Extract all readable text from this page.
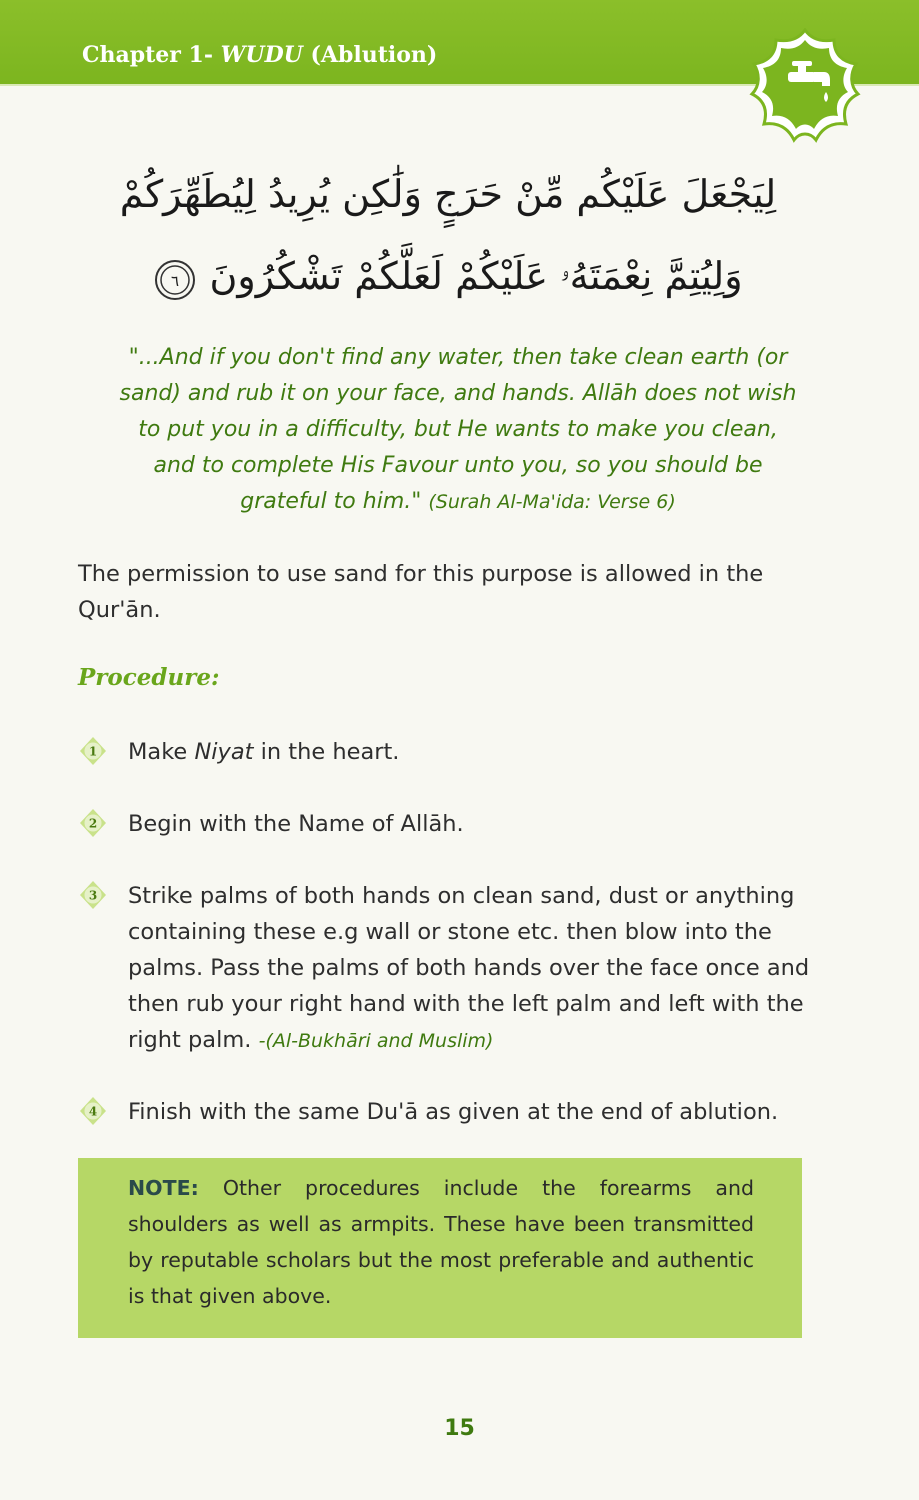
Chapter 1- WUDU (Ablution)
لِيَجْعَلَ عَلَيْكُم مِّنْ حَرَجٍ وَلَٰكِن يُرِيدُ لِيُطَهِّرَكُمْ
وَلِيُتِمَّ نِعْمَتَهُۥ عَلَيْكُمْ لَعَلَّكُمْ تَشْكُرُونَ
٦
"...And if you don't find any water, then take clean earth (or sand) and rub it on your face, and hands. Allāh does not wish to put you in a difficulty, but He wants to make you clean, and to complete His Favour unto you, so you should be grateful to him." (Surah Al-Ma'ida: Verse 6)
The permission to use sand for this purpose is allowed in the Qur'ān.
Procedure:
1 Make Niyat in the heart.
2 Begin with the Name of Allāh.
3 Strike palms of both hands on clean sand, dust or anything containing these e.g wall or stone etc. then blow into the palms. Pass the palms of both hands over the face once and then rub your right hand with the left palm and left with the right palm. -(Al-Bukhāri and Muslim)
4 Finish with the same Du'ā as given at the end of ablution.
NOTE: Other procedures include the forearms and shoulders as well as armpits. These have been transmitted by reputable scholars but the most preferable and authentic is that given above.
15
